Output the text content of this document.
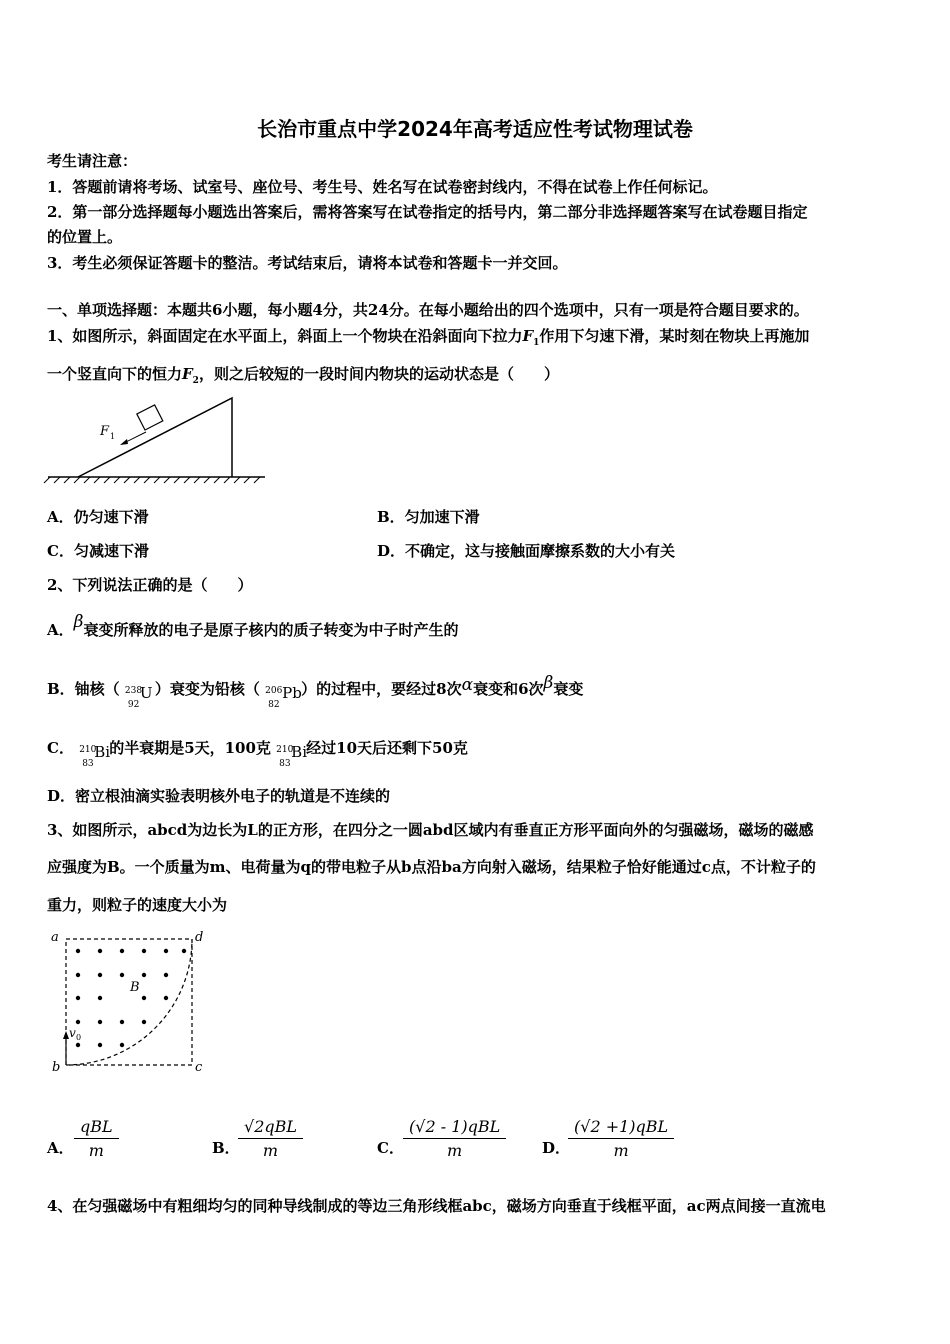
长治市重点中学2024年高考适应性考试物理试卷
考生请注意：
1．答题前请将考场、试室号、座位号、考生号、姓名写在试卷密封线内，不得在试卷上作任何标记。
2．第一部分选择题每小题选出答案后，需将答案写在试卷指定的括号内，第二部分非选择题答案写在试卷题目指定
的位置上。
3．考生必须保证答题卡的整洁。考试结束后，请将本试卷和答题卡一并交回。
一、单项选择题：本题共6小题，每小题4分，共24分。在每小题给出的四个选项中，只有一项是符合题目要求的。
1、如图所示，斜面固定在水平面上，斜面上一个物块在沿斜面向下拉力$F_1$作用下匀速下滑，某时刻在物块上再施加
一个竖直向下的恒力$F_2$，则之后较短的一段时间内物块的运动状态是（　　）
F 1
A．仍匀速下滑	B．匀加速下滑
C．匀减速下滑	D．不确定，这与接触面摩擦系数的大小有关
2、下列说法正确的是（　　）
A．β衰变所释放的电子是原子核内的质子转变为中子时产生的
B．铀核（ 238
92
U ）衰变为铅核（ 206
82
Pb ）的过程中，要经过8次α衰变和6次β衰变
C． 210
83
Bi 的半衰期是5天，100克 210
83
Bi 经过10天后还剩下50克
D．密立根油滴实验表明核外电子的轨道是不连续的
3、如图所示，abcd为边长为L的正方形，在四分之一圆abd区域内有垂直正方形平面向外的匀强磁场，磁场的磁感
应强度为B。一个质量为m、电荷量为q的带电粒子从b点沿ba方向射入磁场，结果粒子恰好能通过c点，不计粒子的
重力，则粒子的速度大小为
a	d
b	c
B
v 0
A．
qBL
m	B．
√2qBL
m	C．
(√2 - 1)qBL
m	D．
(√2 +1)qBL
m
4、在匀强磁场中有粗细均匀的同种导线制成的等边三角形线框abc，磁场方向垂直于线框平面，ac两点间接一直流电
